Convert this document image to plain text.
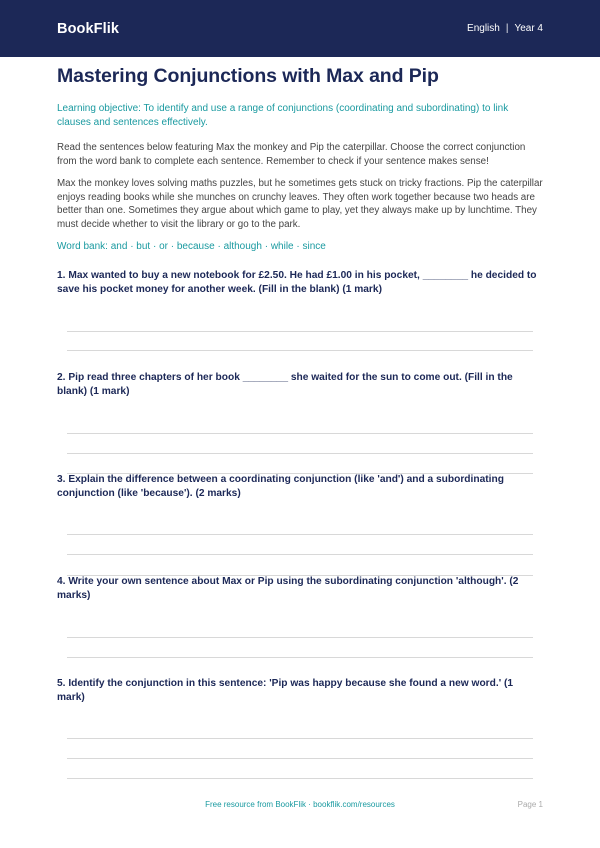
BookFlik	English | Year 4
Mastering Conjunctions with Max and Pip

Learning objective: To identify and use a range of conjunctions (coordinating and subordinating) to link clauses and sentences effectively.

Read the sentences below featuring Max the monkey and Pip the caterpillar. Choose the correct conjunction from the word bank to complete each sentence. Remember to check if your sentence makes sense!

Max the monkey loves solving maths puzzles, but he sometimes gets stuck on tricky fractions. Pip the caterpillar enjoys reading books while she munches on crunchy leaves. They often work together because two heads are better than one. Sometimes they argue about which game to play, yet they always make up by lunchtime. They must decide whether to visit the library or go to the park.

Word bank: and · but · or · because · although · while · since

1. Max wanted to buy a new notebook for £2.50. He had £1.00 in his pocket, ________ he decided to save his pocket money for another week. (Fill in the blank) (1 mark)

2. Pip read three chapters of her book ________ she waited for the sun to come out. (Fill in the blank) (1 mark)

3. Explain the difference between a coordinating conjunction (like 'and') and a subordinating conjunction (like 'because'). (2 marks)

4. Write your own sentence about Max or Pip using the subordinating conjunction 'although'. (2 marks)

5. Identify the conjunction in this sentence: 'Pip was happy because she found a new word.' (1 mark)

Free resource from BookFlik · bookflik.com/resources	Page 1
